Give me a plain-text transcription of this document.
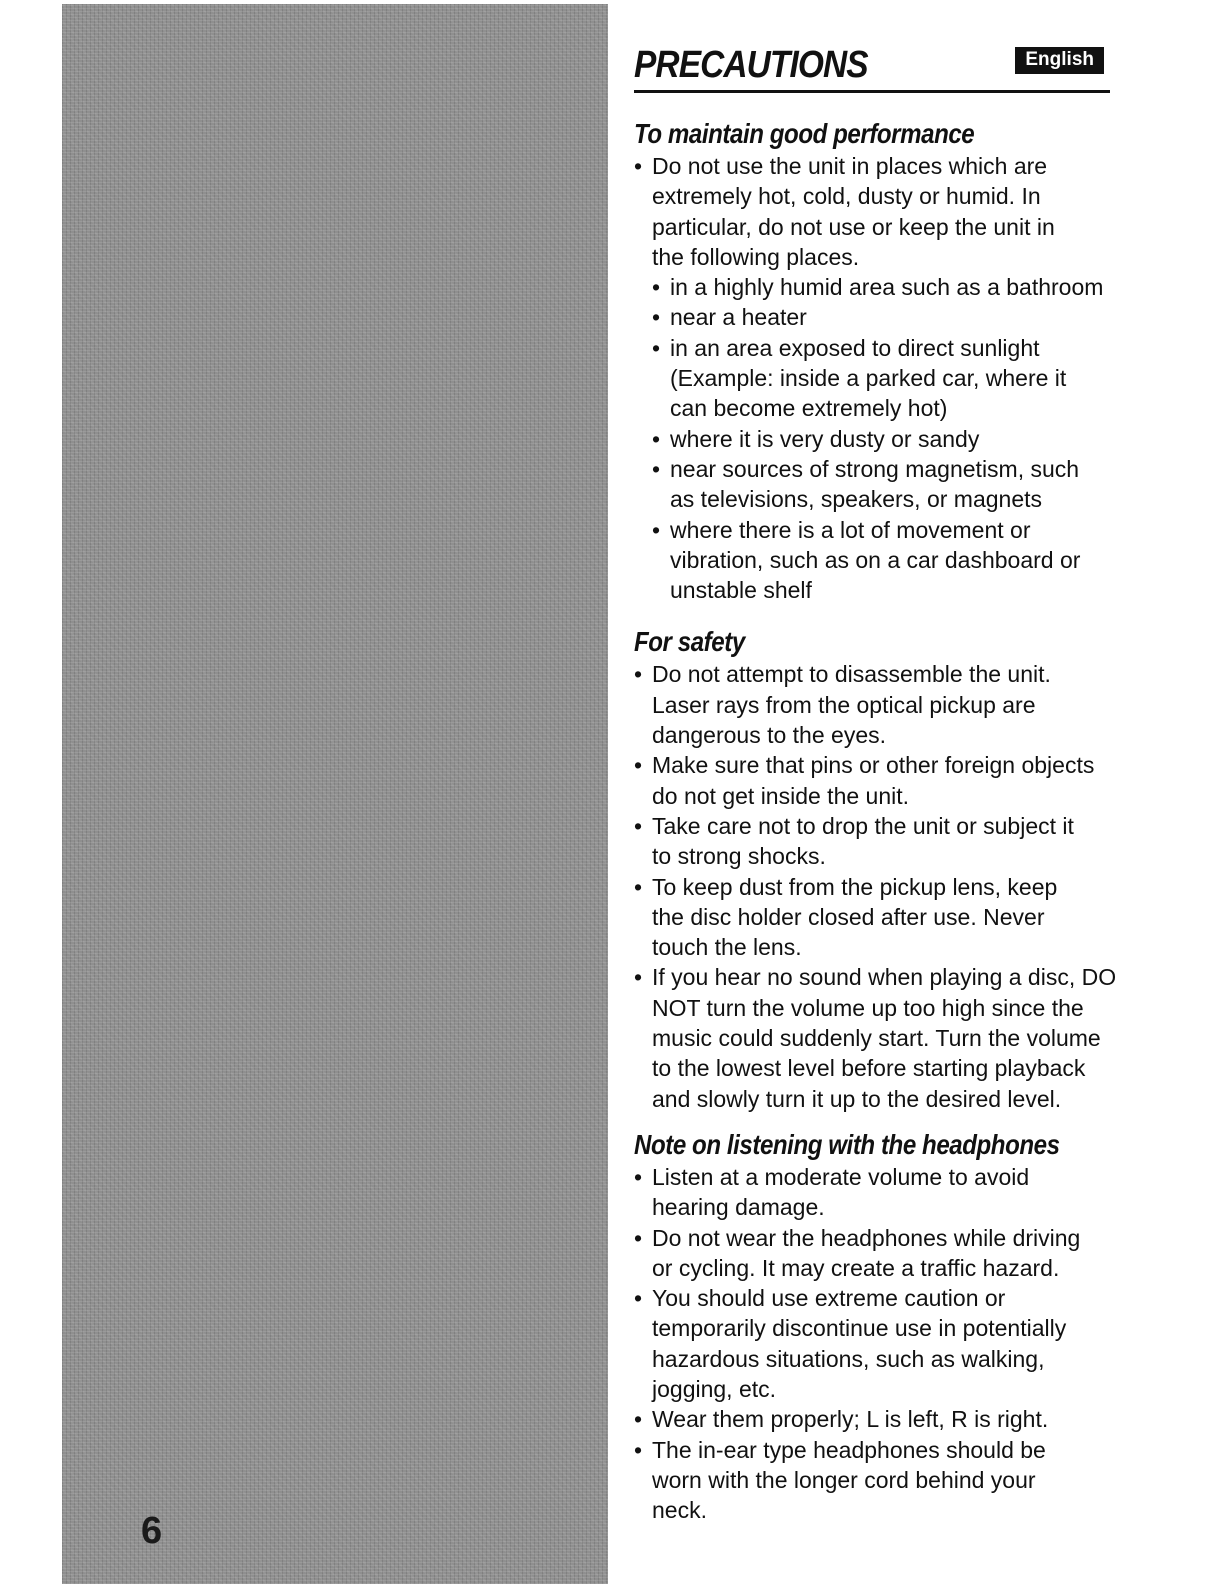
6
PRECAUTIONS	English
To maintain good performance
• Do not use the unit in places which are
extremely hot, cold, dusty or humid. In
particular, do not use or keep the unit in
the following places.
• in a highly humid area such as a bathroom
• near a heater
• in an area exposed to direct sunlight
(Example: inside a parked car, where it
can become extremely hot)
• where it is very dusty or sandy
• near sources of strong magnetism, such
as televisions, speakers, or magnets
• where there is a lot of movement or
vibration, such as on a car dashboard or
unstable shelf
For safety
• Do not attempt to disassemble the unit.
Laser rays from the optical pickup are
dangerous to the eyes.
• Make sure that pins or other foreign objects
do not get inside the unit.
• Take care not to drop the unit or subject it
to strong shocks.
• To keep dust from the pickup lens, keep
the disc holder closed after use. Never
touch the lens.
• If you hear no sound when playing a disc, DO
NOT turn the volume up too high since the
music could suddenly start. Turn the volume
to the lowest level before starting playback
and slowly turn it up to the desired level.
Note on listening with the headphones
• Listen at a moderate volume to avoid
hearing damage.
• Do not wear the headphones while driving
or cycling. It may create a traffic hazard.
• You should use extreme caution or
temporarily discontinue use in potentially
hazardous situations, such as walking,
jogging, etc.
• Wear them properly; L is left, R is right.
• The in-ear type headphones should be
worn with the longer cord behind your
neck.
